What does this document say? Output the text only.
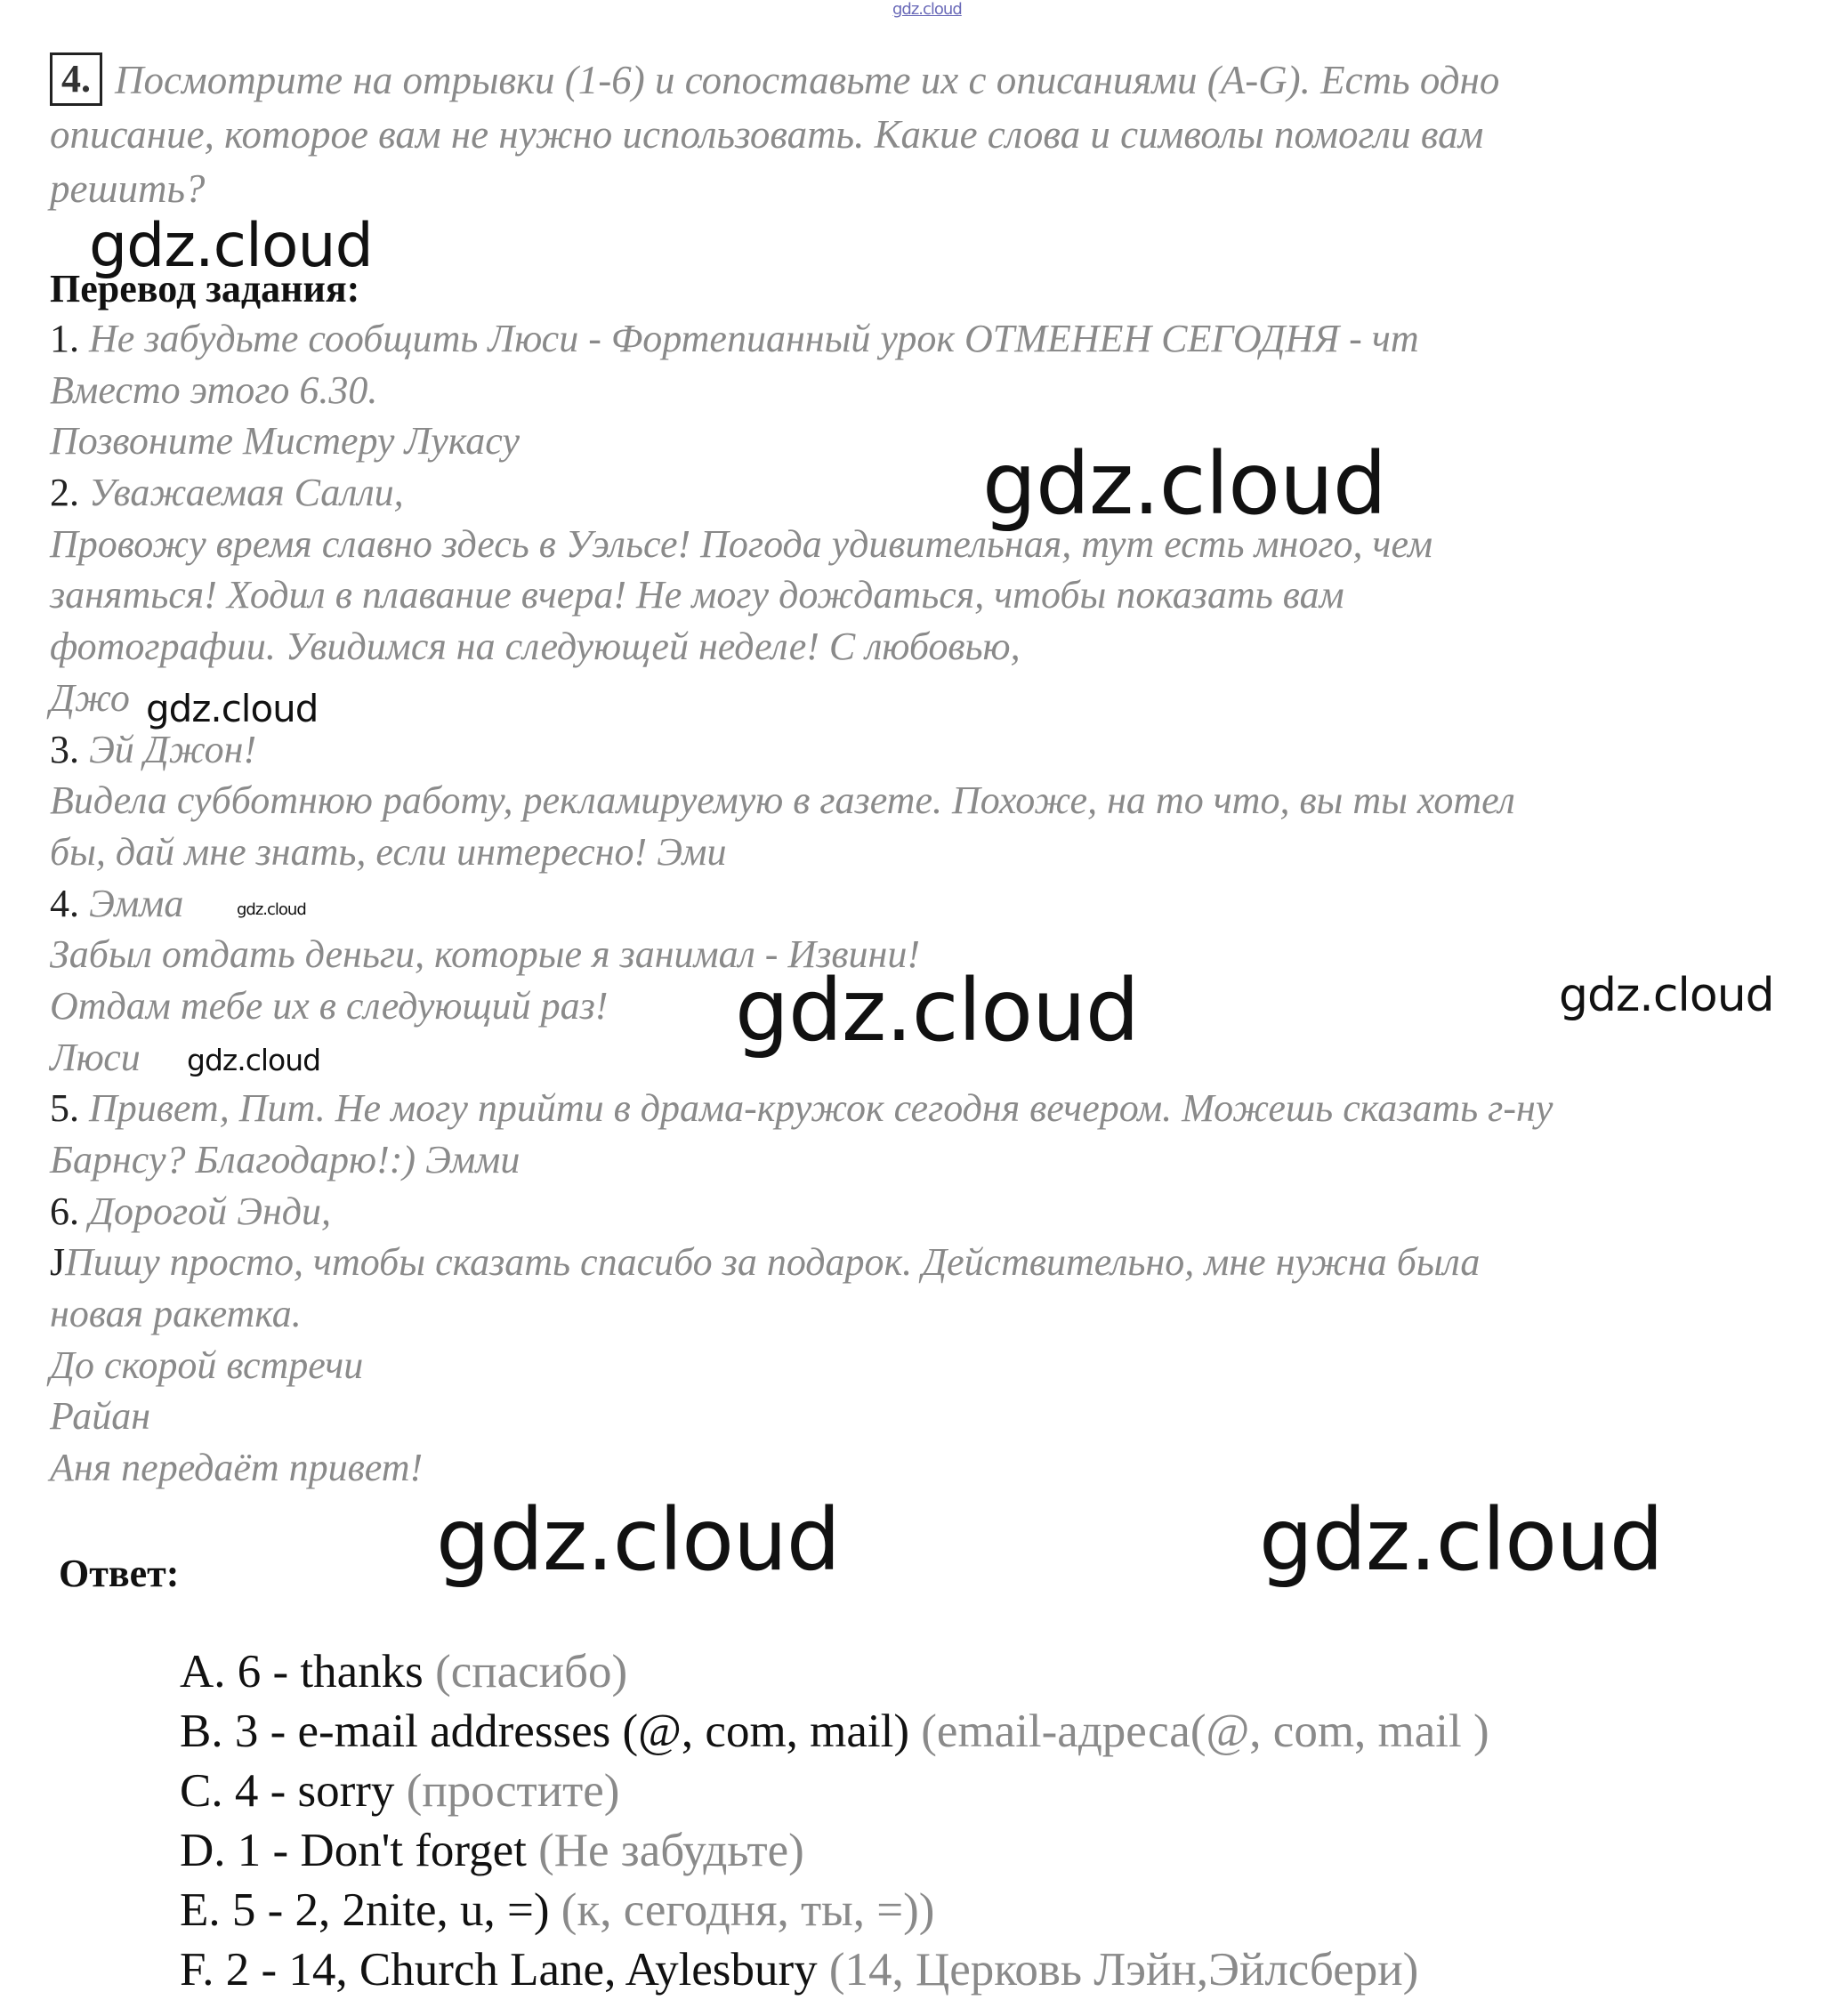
gdz.cloud
gdz.cloud
gdz.cloud
gdz.cloud
gdz.cloud
gdz.cloud	gdz.cloud
gdz.cloud
gdz.cloud	gdz.cloud
4. Посмотрите на отрывки (1-6) и сопоставьте их с описаниями (A-G). Есть одно
описание, которое вам не нужно использовать. Какие слова и символы помогли вам
решить?
Перевод задания:
1. Не забудьте сообщить Люси - Фортепианный урок ОТМЕНЕН СЕГОДНЯ - чт
Вместо этого 6.30.
Позвоните Мистеру Лукасу
2. Уважаемая Салли,
Провожу время славно здесь в Уэльсе! Погода удивительная, тут есть много, чем
заняться! Ходил в плавание вчера! Не могу дождаться, чтобы показать вам
фотографии. Увидимся на следующей неделе! С любовью,
Джо
3. Эй Джон!
Видела субботнюю работу, рекламируемую в газете. Похоже, на то что, вы ты хотел
бы, дай мне знать, если интересно! Эми
4. Эмма
Забыл отдать деньги, которые я занимал - Извини!
Отдам тебе их в следующий раз!
Люси
5. Привет, Пит. Не могу прийти в драма-кружок сегодня вечером. Можешь сказать г-ну
Барнсу? Благодарю!:) Эмми
6. Дорогой Энди,
JПишу просто, чтобы сказать спасибо за подарок. Действительно, мне нужна была
новая ракетка.
До скорой встречи
Райан
Аня передаёт привет!
Ответ:
A. 6 - thanks (спасибо)
B. 3 - e-mail addresses (@, com, mail) (email-адреса(@, com, mail )
C. 4 - sorry (простите)
D. 1 - Don't forget (Не забудьте)
E. 5 - 2, 2nite, u, =) (к, сегодня, ты, =))
F. 2 - 14, Church Lane, Aylesbury (14, Церковь Лэйн,Эйлсбери)
